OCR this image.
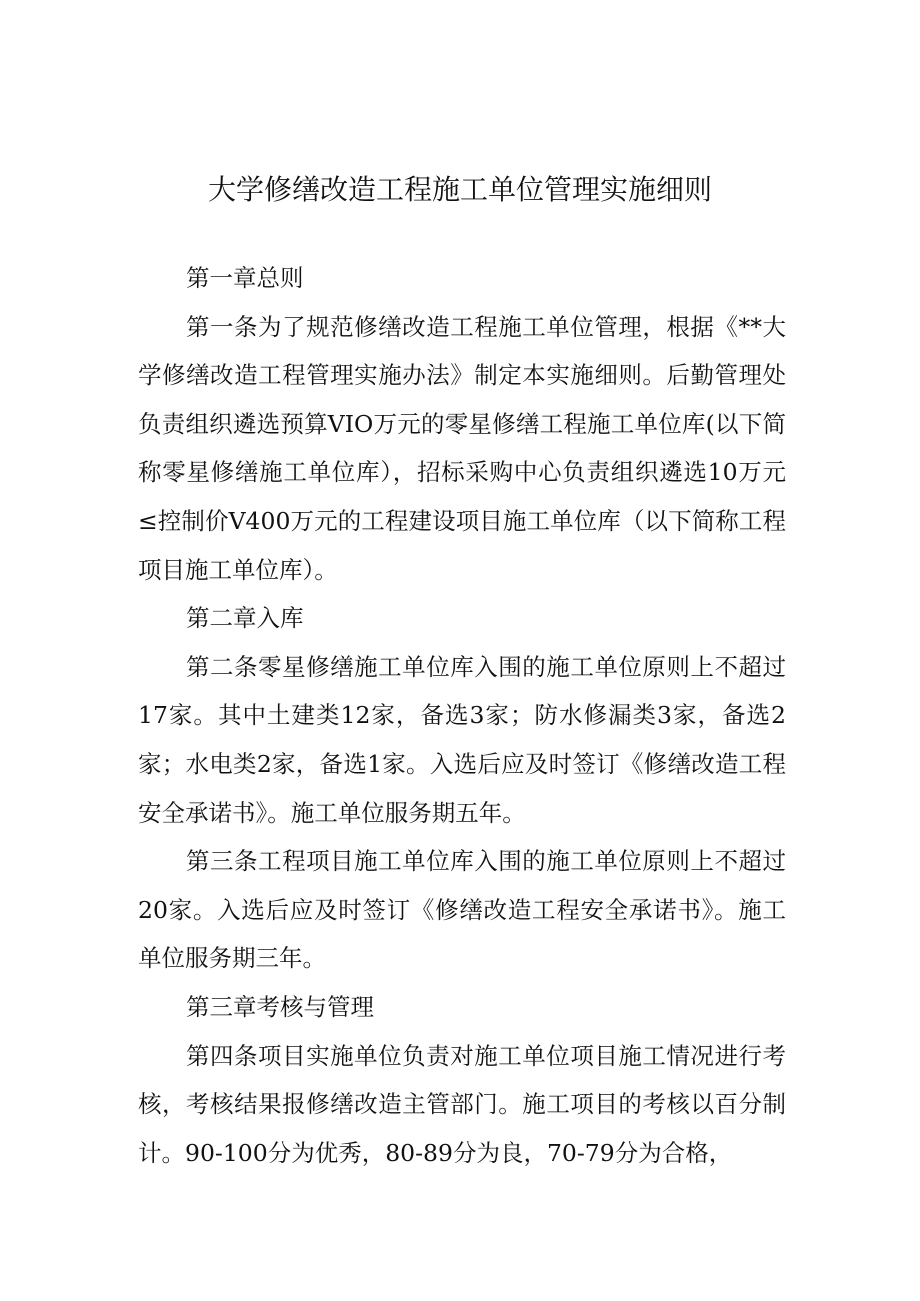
大学修缮改造工程施工单位管理实施细则

第一章总则

第一条为了规范修缮改造工程施工单位管理，根据《**大学修缮改造工程管理实施办法》制定本实施细则。后勤管理处负责组织遴选预算VIO万元的零星修缮工程施工单位库(以下简称零星修缮施工单位库），招标采购中心负责组织遴选10万元≤控制价V400万元的工程建设项目施工单位库（以下简称工程项目施工单位库）。

第二章入库

第二条零星修缮施工单位库入围的施工单位原则上不超过17家。其中土建类12家，备选3家；防水修漏类3家，备选2家；水电类2家，备选1家。入选后应及时签订《修缮改造工程安全承诺书》。施工单位服务期五年。

第三条工程项目施工单位库入围的施工单位原则上不超过20家。入选后应及时签订《修缮改造工程安全承诺书》。施工单位服务期三年。

第三章考核与管理

第四条项目实施单位负责对施工单位项目施工情况进行考核，考核结果报修缮改造主管部门。施工项目的考核以百分制计。90-100分为优秀，80-89分为良，70-79分为合格，
